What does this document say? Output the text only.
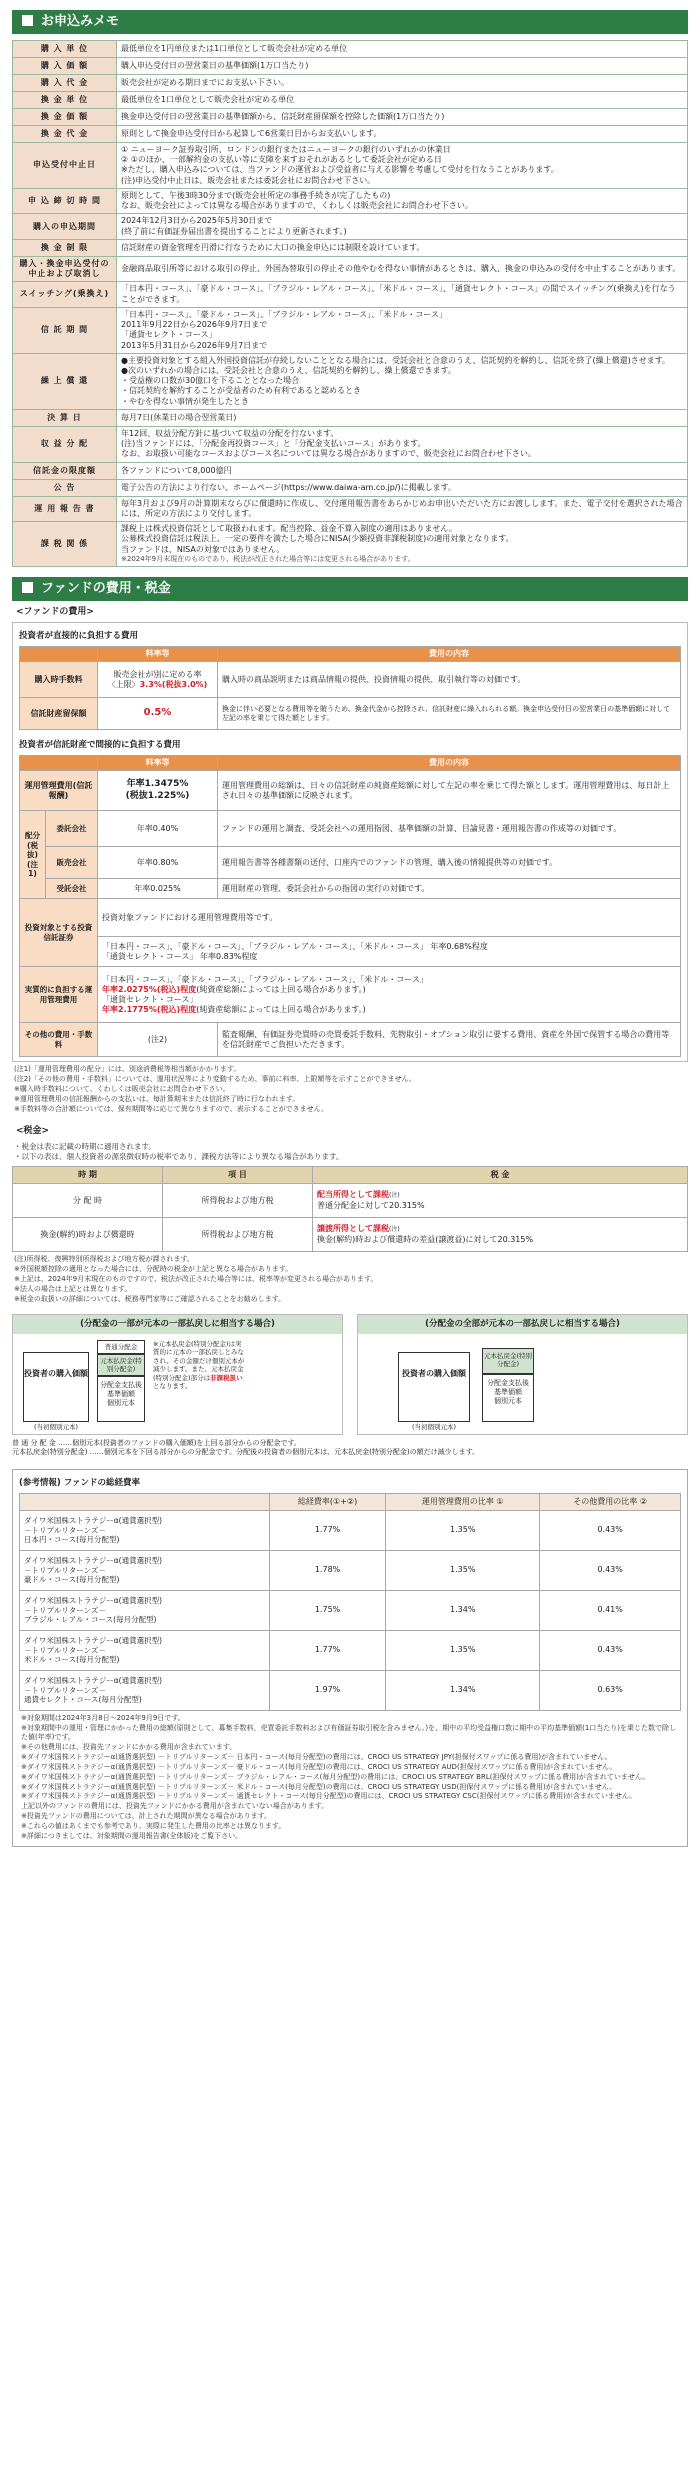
お申込みメモ
購 入 単 位	最低単位を1円単位または1口単位として販売会社が定める単位

購 入 価 額	購入申込受付日の翌営業日の基準価額(1万口当たり)

購 入 代 金	販売会社が定める期日までにお支払い下さい。

換 金 単 位	最低単位を1口単位として販売会社が定める単位

換 金 価 額	換金申込受付日の翌営業日の基準価額から、信託財産留保額を控除した価額(1万口当たり)

換 金 代 金	原則として換金申込受付日から起算して6営業日目からお支払いします。

申込受付中止日	① ニューヨーク証券取引所、ロンドンの銀行またはニューヨークの銀行のいずれかの休業日
② ①のほか、一部解約金の支払い等に支障を来すおそれがあるとして委託会社が定める日
※ただし、購入申込みについては、当ファンドの運営および受益者に与える影響を考慮して受付を行なうことがあります。
(注)申込受付中止日は、販売会社または委託会社にお問合わせ下さい。

申 込 締 切 時 間	原則として、午後3時30分まで(販売会社所定の事務手続きが完了したもの)
なお、販売会社によっては異なる場合がありますので、くわしくは販売会社にお問合わせ下さい。

購入の申込期間	2024年12月3日から2025年5月30日まで
(終了前に有価証券届出書を提出することにより更新されます。)

換 金 制 限	信託財産の資金管理を円滑に行なうために大口の換金申込には制限を設けています。

購入・換金申込受付の中止および取消し	金融商品取引所等における取引の停止、外国為替取引の停止その他やむを得ない事情があるときは、購入、換金の申込みの受付を中止することがあります。

スイッチング(乗換え)	「日本円・コース」、「豪ドル・コース」、「ブラジル・レアル・コース」、「米ドル・コース」、「通貨セレクト・コース」の間でスイッチング(乗換え)を行なうことができます。

信 託 期 間	「日本円・コース」、「豪ドル・コース」、「ブラジル・レアル・コース」、「米ドル・コース」
2011年9月22日から2026年9月7日まで
「通貨セレクト・コース」
2013年5月31日から2026年9月7日まで

繰 上 償 還	●主要投資対象とする組入外国投資信託が存続しないこととなる場合には、受託会社と合意のうえ、信託契約を解約し、信託を終了(繰上償還)させます。
●次のいずれかの場合には、受託会社と合意のうえ、信託契約を解約し、繰上償還できます。
・受益権の口数が30億口を下ることとなった場合
・信託契約を解約することが受益者のため有利であると認めるとき
・やむを得ない事情が発生したとき

決 算 日	毎月7日(休業日の場合翌営業日)

収 益 分 配	年12回、収益分配方針に基づいて収益の分配を行ないます。
(注)当ファンドには、「分配金再投資コース」と「分配金支払いコース」があります。
なお、お取扱い可能なコースおよびコース名については異なる場合がありますので、販売会社にお問合わせ下さい。

信託金の限度額	各ファンドについて8,000億円

公 告	電子公告の方法により行ない、ホームページ(https://www.daiwa-am.co.jp/)に掲載します。

運 用 報 告 書	毎年3月および9月の計算期末ならびに償還時に作成し、交付運用報告書をあらかじめお申出いただいた方にお渡しします。また、電子交付を選択された場合には、所定の方法により交付します。

課 税 関 係	課税上は株式投資信託として取扱われます。配当控除、益金不算入制度の適用はありません。
公募株式投資信託は税法上、一定の要件を満たした場合にNISA(少額投資非課税制度)の適用対象となります。
当ファンドは、NISAの対象ではありません。
※2024年9月末現在のものであり、税法が改正された場合等には変更される場合があります。
ファンドの費用・税金
<ファンドの費用>
投資者が直接的に負担する費用
	料率等	費用の内容
購入時手数料	販売会社が別に定める率
〈上限〉3.3%(税抜3.0%)	購入時の商品説明または商品情報の提供、投資情報の提供、取引執行等の対価です。
信託財産留保額	0.5%	換金に伴い必要となる費用等を賄うため、換金代金から控除され、信託財産に繰入れられる額。換金申込受付日の翌営業日の基準価額に対して左記の率を乗じて得た額とします。
投資者が信託財産で間接的に負担する費用
		料率等	費用の内容
運用管理費用(信託報酬)		年率1.3475%
(税抜1.225%)	運用管理費用の総額は、日々の信託財産の純資産総額に対して左記の率を乗じて得た額とします。運用管理費用は、毎日計上され日々の基準価額に反映されます。
配分(税抜)(注1)	委託会社	年率0.40%	ファンドの運用と調査、受託会社への運用指図、基準価額の計算、目論見書・運用報告書の作成等の対価です。
	販売会社	年率0.80%	運用報告書等各種書類の送付、口座内でのファンドの管理、購入後の情報提供等の対価です。
	受託会社	年率0.025%	運用財産の管理、委託会社からの指図の実行の対価です。
投資対象とする投資信託証券		投資対象ファンドにおける運用管理費用等です。	
		「日本円・コース」、「豪ドル・コース」、「ブラジル・レアル・コース」、「米ドル・コース」 年率0.68%程度
「通貨セレクト・コース」 年率0.83%程度	
実質的に負担する運用管理費用		「日本円・コース」、「豪ドル・コース」、「ブラジル・レアル・コース」、「米ドル・コース」
年率2.0275%(税込)程度(純資産総額によっては上回る場合があります。)
「通貨セレクト・コース」
年率2.1775%(税込)程度(純資産総額によっては上回る場合があります。)	

その他の費用・手数料		(注2)	監査報酬、有価証券売買時の売買委託手数料、先物取引・オプション取引に要する費用、資産を外国で保管する場合の費用等を信託財産でご負担いただきます。
(注1)「運用管理費用の配分」には、別途消費税等相当額がかかります。
(注2)「その他の費用・手数料」については、運用状況等により変動するため、事前に料率、上限額等を示すことができません。
※購入時手数料について、くわしくは販売会社にお問合わせ下さい。
※運用管理費用の信託報酬からの支払いは、毎計算期末または信託終了時に行なわれます。
※手数料等の合計額については、保有期間等に応じて異なりますので、表示することができません。
<税金>
・税金は表に記載の時期に適用されます。
・以下の表は、個人投資者の源泉徴収時の税率であり、課税方法等により異なる場合があります。
時 期	項 目	税 金
分 配 時	所得税および地方税	配当所得として課税(注)
普通分配金に対して20.315%

換金(解約)時および償還時	所得税および地方税	譲渡所得として課税(注)
換金(解約)時および償還時の差益(譲渡益)に対して20.315%
(注)所得税、復興特別所得税および地方税が課されます。
※外国税額控除の適用となった場合には、分配時の税金が上記と異なる場合があります。
※上記は、2024年9月末現在のものですので、税法が改正された場合等には、税率等が変更される場合があります。
※法人の場合は上記とは異なります。
※税金の取扱いの詳細については、税務専門家等にご確認されることをお勧めします。
(分配金の一部が元本の一部払戻しに相当する場合)
投資者の購入価額
(当初個別元本)
普通分配金
元本払戻金(特別分配金)
分配金支払後
基準価額
個別元本
※元本払戻金(特別分配金)は実質的に元本の一部払戻しとみなされ、その金額だけ個別元本が減少します。また、元本払戻金(特別分配金)部分は非課税扱いとなります。
(分配金の全部が元本の一部払戻しに相当する場合)
投資者の購入価額
(当初個別元本)
元本払戻金(特別分配金)
分配金支払後
基準価額
個別元本
普 通 分 配 金 ……個別元本(投資者のファンドの購入価額)を上回る部分からの分配金です。
元本払戻金(特別分配金) ……個別元本を下回る部分からの分配金です。分配後の投資者の個別元本は、元本払戻金(特別分配金)の額だけ減少します。
(参考情報) ファンドの総経費率
	総経費率(①+②)	運用管理費用の比率 ①	その他費用の比率 ②
ダイワ米国株ストラテジーα(通貨選択型)
－トリプルリターンズ－
日本円・コース(毎月分配型)	1.77%	1.35%	0.43%
ダイワ米国株ストラテジーα(通貨選択型)
－トリプルリターンズ－
豪ドル・コース(毎月分配型)	1.78%	1.35%	0.43%
ダイワ米国株ストラテジーα(通貨選択型)
－トリプルリターンズ－
ブラジル・レアル・コース(毎月分配型)	1.75%	1.34%	0.41%
ダイワ米国株ストラテジーα(通貨選択型)
－トリプルリターンズ－
米ドル・コース(毎月分配型)	1.77%	1.35%	0.43%
ダイワ米国株ストラテジーα(通貨選択型)
－トリプルリターンズ－
通貨セレクト・コース(毎月分配型)	1.97%	1.34%	0.63%
※対象期間は2024年3月8日～2024年9月9日です。
※対象期間中の運用・管理にかかった費用の総額(原則として、募集手数料、売買委託手数料および有価証券取引税を含みません。)を、期中の平均受益権口数に期中の平均基準価額(1口当たり)を乗じた数で除した値(年率)です。
※その他費用には、投資先ファンドにかかる費用が含まれています。
※ダイワ米国株ストラテジーα(通貨選択型) －トリプルリターンズ－ 日本円・コース(毎月分配型)の費用には、CROCI US STRATEGY JPY(担保付スワップに係る費用)が含まれていません。
※ダイワ米国株ストラテジーα(通貨選択型) －トリプルリターンズ－ 豪ドル・コース(毎月分配型)の費用には、CROCI US STRATEGY AUD(担保付スワップに係る費用)が含まれていません。
※ダイワ米国株ストラテジーα(通貨選択型) －トリプルリターンズ－ ブラジル・レアル・コース(毎月分配型)の費用には、CROCI US STRATEGY BRL(担保付スワップに係る費用)が含まれていません。
※ダイワ米国株ストラテジーα(通貨選択型) －トリプルリターンズ－ 米ドル・コース(毎月分配型)の費用には、CROCI US STRATEGY USD(担保付スワップに係る費用)が含まれていません。
※ダイワ米国株ストラテジーα(通貨選択型) －トリプルリターンズ－ 通貨セレクト・コース(毎月分配型)の費用には、CROCI US STRATEGY CSC(担保付スワップに係る費用)が含まれていません。
上記以外のファンドの費用には、投資先ファンドにかかる費用が含まれていない場合があります。
※投資先ファンドの費用については、計上された期間が異なる場合があります。
※これらの値はあくまでも参考であり、実際に発生した費用の比率とは異なります。
※詳細につきましては、対象期間の運用報告書(全体版)をご覧下さい。
